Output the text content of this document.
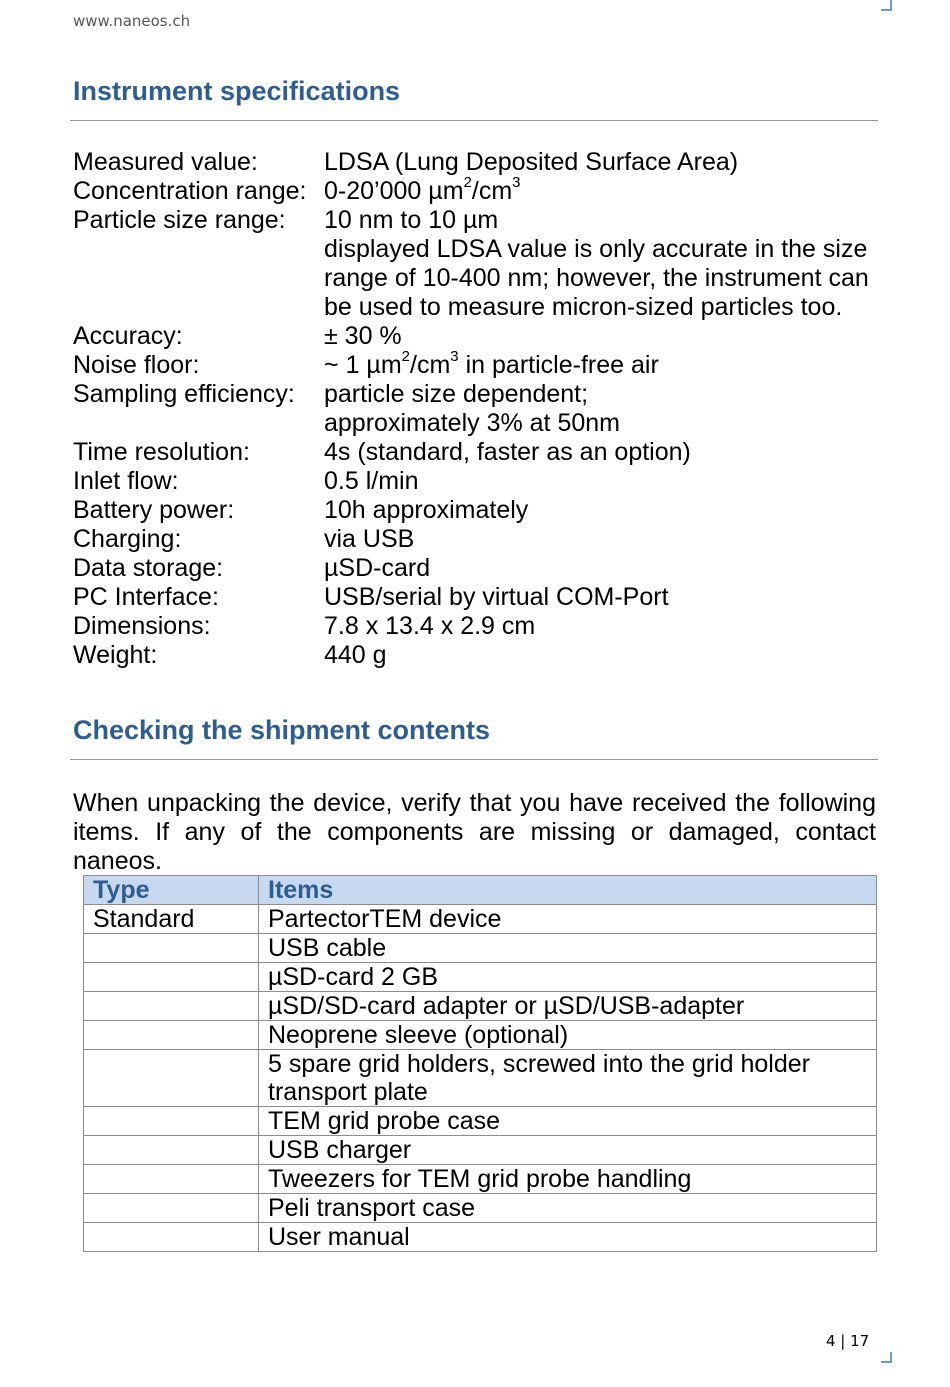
www.naneos.ch
Instrument specifications
Measured value:	LDSA (Lung Deposited Surface Area)
Concentration range: 0-20’000 $\mu m^2/cm^3$
Particle size range:	10 nm to 10 µm
displayed LDSA value is only accurate in the size
range of 10-400 nm; however, the instrument can
be used to measure micron-sized particles too.
Accuracy:	± 30 %
Noise floor:	~ 1 $\mu m^2/cm^3$ in particle-free air
Sampling efficiency:	particle size dependent;
approximately 3% at 50nm
Time resolution:	4s (standard, faster as an option)
Inlet flow:	0.5 l/min
Battery power:	10h approximately
Charging:	via USB
Data storage:	µSD-card
PC Interface:	USB/serial by virtual COM-Port
Dimensions:	7.8 x 13.4 x 2.9 cm
Weight:	440 g
Checking the shipment contents

When unpacking the device, verify that you have received the following items. If any of the components are missing or damaged, contact naneos.

Type	Items
Standard	PartectorTEM device
	USB cable
	µSD-card 2 GB
	µSD/SD-card adapter or µSD/USB-adapter
	Neoprene sleeve (optional)
	5 spare grid holders, screwed into the grid holder transport plate
	TEM grid probe case
	USB charger
	Tweezers for TEM grid probe handling
	Peli transport case
	User manual
4 | 17
